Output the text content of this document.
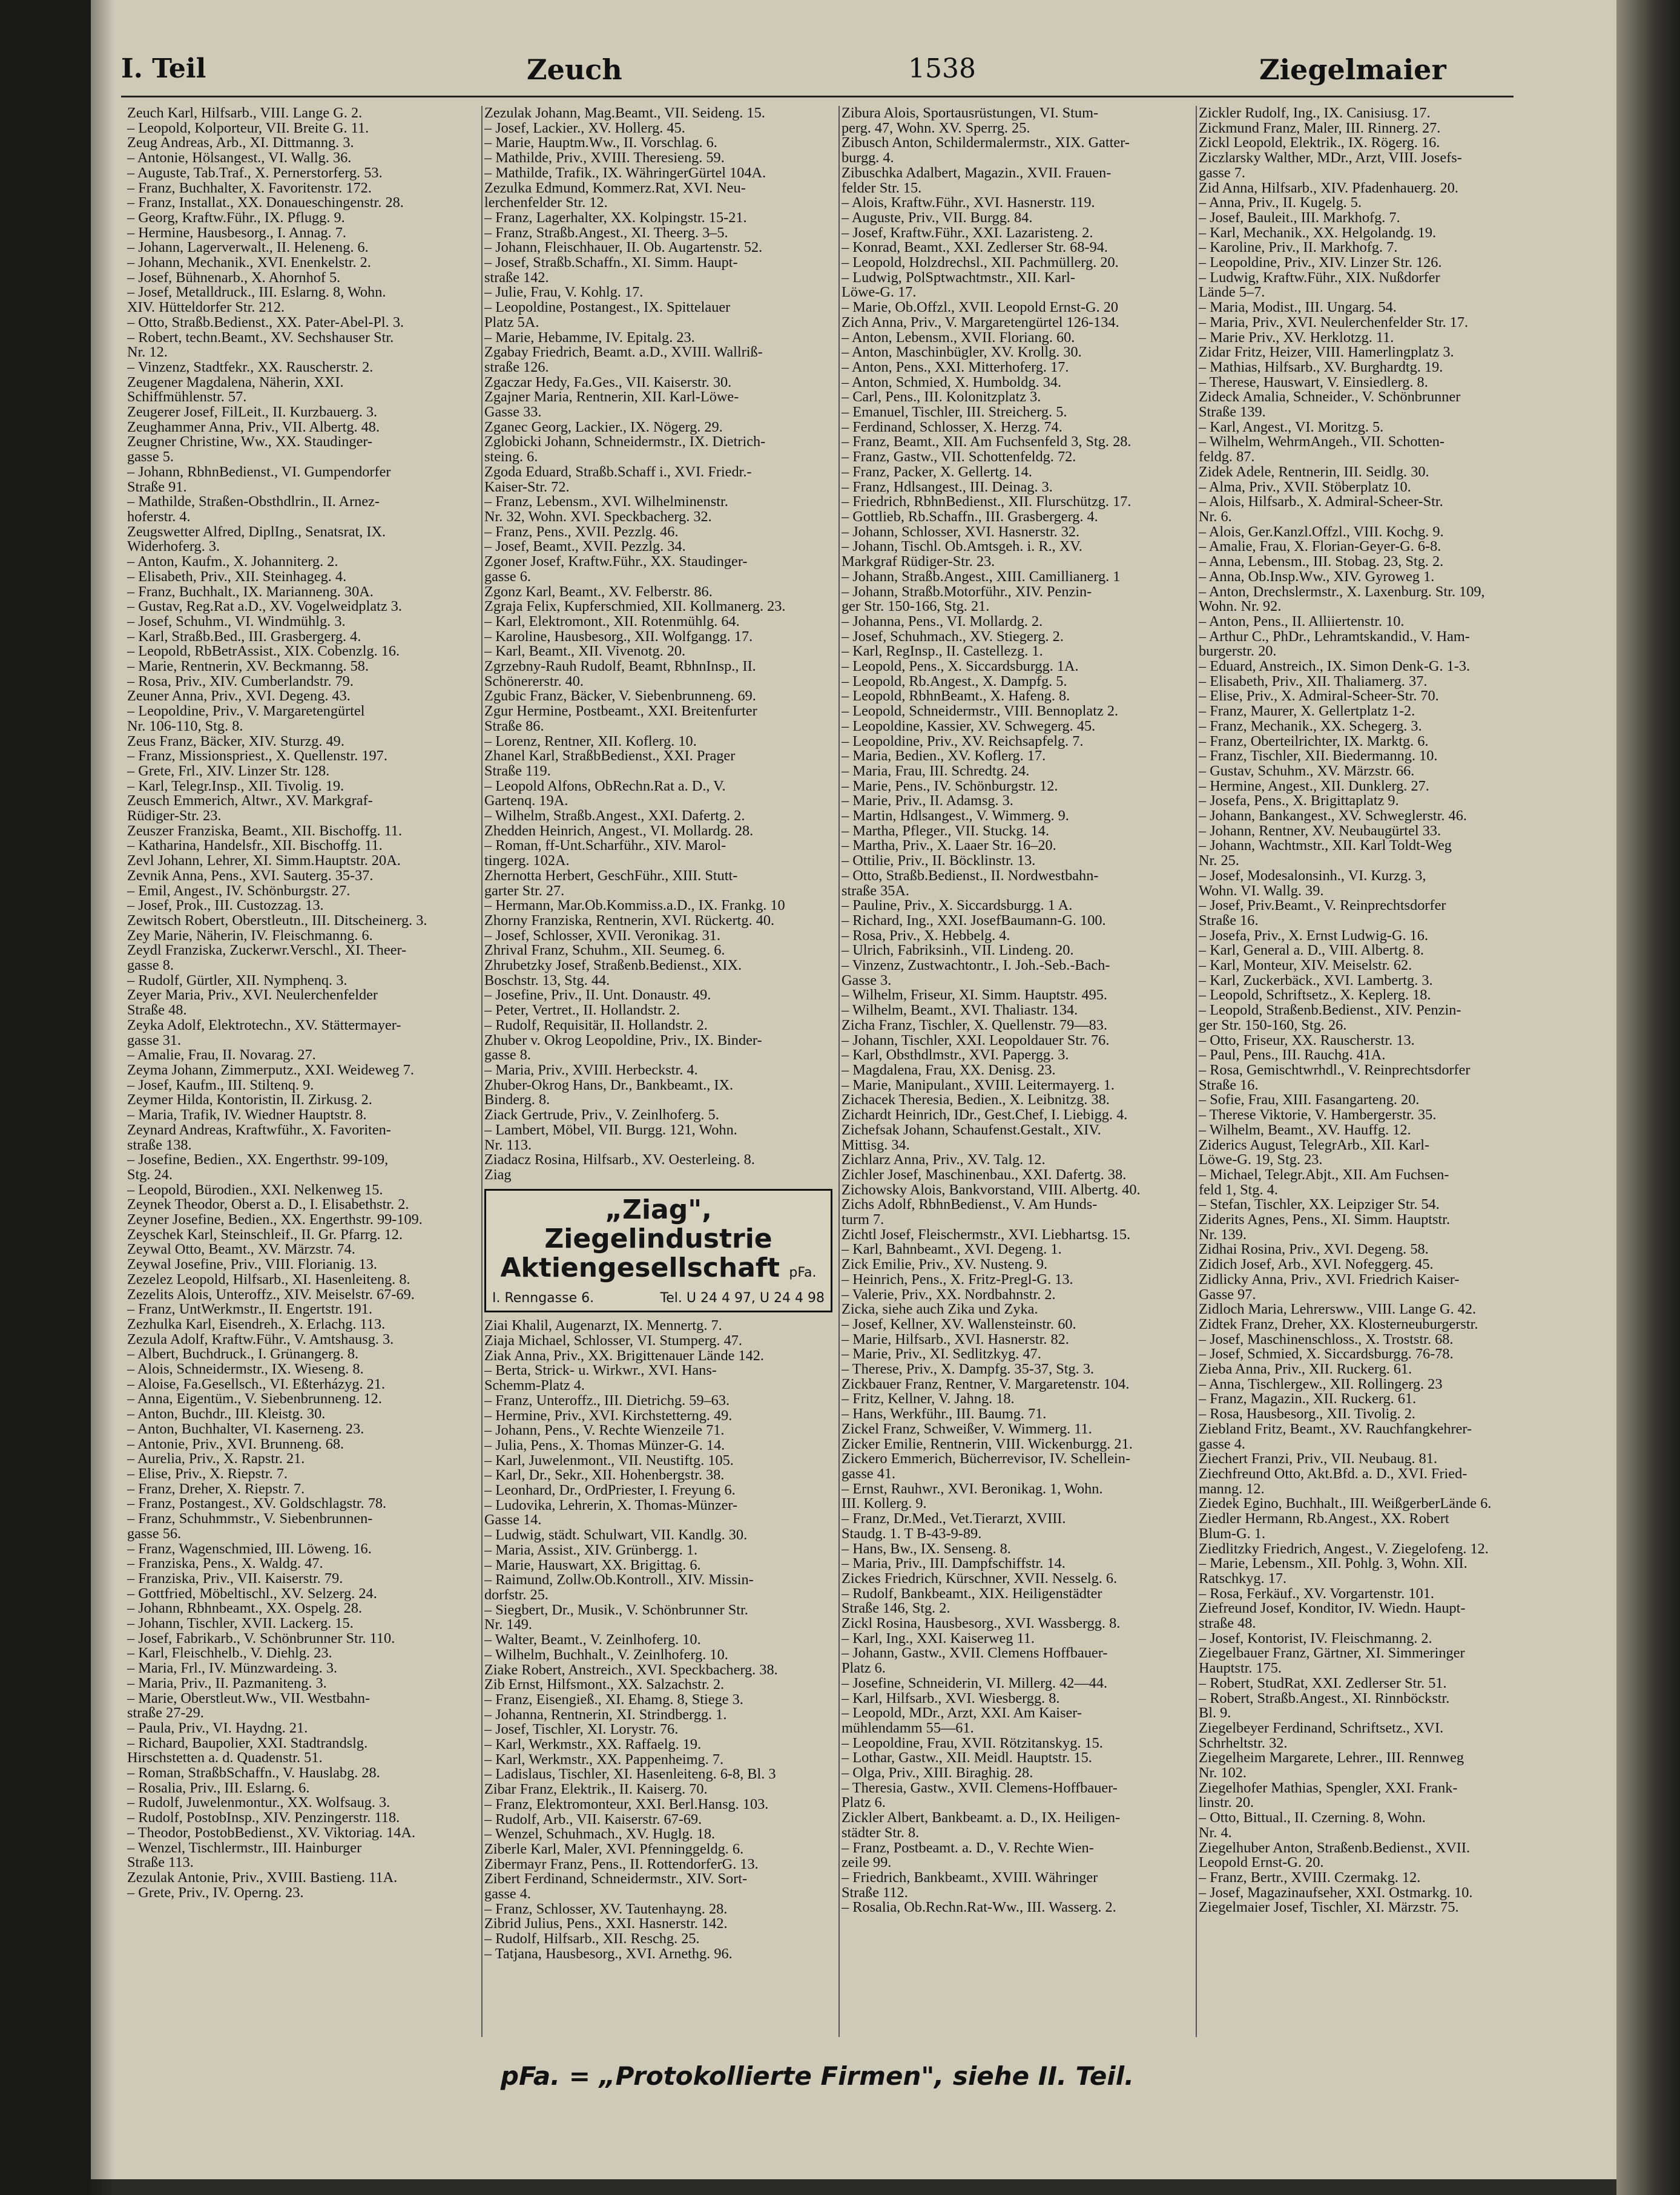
I. Teil	Zeuch	1538	Ziegelmaier
Zeuch Karl, Hilfsarb., VIII. Lange G. 2.
– Leopold, Kolporteur, VII. Breite G. 11.
Zeug Andreas, Arb., XI. Dittmanng. 3.
– Antonie, Hölsangest., VI. Wallg. 36.
– Auguste, Tab.Traf., X. Pernerstorferg. 53.
– Franz, Buchhalter, X. Favoritenstr. 172.
– Franz, Installat., XX. Donaueschingenstr. 28.
– Georg, Kraftw.Führ., IX. Pflugg. 9.
– Hermine, Hausbesorg., I. Annag. 7.
– Johann, Lagerverwalt., II. Heleneng. 6.
– Johann, Mechanik., XVI. Enenkelstr. 2.
– Josef, Bühnenarb., X. Ahornhof 5.
– Josef, Metalldruck., III. Eslarng. 8, Wohn.
XIV. Hütteldorfer Str. 212.
– Otto, Straßb.Bedienst., XX. Pater-Abel-Pl. 3.
– Robert, techn.Beamt., XV. Sechshauser Str.
Nr. 12.
– Vinzenz, Stadtfekr., XX. Rauscherstr. 2.
Zeugener Magdalena, Näherin, XXI.
Schiffmühlenstr. 57.
Zeugerer Josef, FilLeit., II. Kurzbauerg. 3.
Zeughammer Anna, Priv., VII. Albertg. 48.
Zeugner Christine, Ww., XX. Staudinger-
gasse 5.
– Johann, RbhnBedienst., VI. Gumpendorfer
Straße 91.
– Mathilde, Straßen-Obsthdlrin., II. Arnez-
hoferstr. 4.
Zeugswetter Alfred, DiplIng., Senatsrat, IX.
Widerhoferg. 3.
– Anton, Kaufm., X. Johanniterg. 2.
– Elisabeth, Priv., XII. Steinhageg. 4.
– Franz, Buchhalt., IX. Marianneng. 30A.
– Gustav, Reg.Rat a.D., XV. Vogelweidplatz 3.
– Josef, Schuhm., VI. Windmühlg. 3.
– Karl, Straßb.Bed., III. Grasbergerg. 4.
– Leopold, RbBetrAssist., XIX. Cobenzlg. 16.
– Marie, Rentnerin, XV. Beckmanng. 58.
– Rosa, Priv., XIV. Cumberlandstr. 79.
Zeuner Anna, Priv., XVI. Degeng. 43.
– Leopoldine, Priv., V. Margaretengürtel
Nr. 106-110, Stg. 8.
Zeus Franz, Bäcker, XIV. Sturzg. 49.
– Franz, Missionspriest., X. Quellenstr. 197.
– Grete, Frl., XIV. Linzer Str. 128.
– Karl, Telegr.Insp., XII. Tivolig. 19.
Zeusch Emmerich, Altwr., XV. Markgraf-
Rüdiger-Str. 23.
Zeuszer Franziska, Beamt., XII. Bischoffg. 11.
– Katharina, Handelsfr., XII. Bischoffg. 11.
Zevl Johann, Lehrer, XI. Simm.Hauptstr. 20A.
Zevnik Anna, Pens., XVI. Sauterg. 35-37.
– Emil, Angest., IV. Schönburgstr. 27.
– Josef, Prok., III. Custozzag. 13.
Zewitsch Robert, Oberstleutn., III. Ditscheinerg. 3.
Zey Marie, Näherin, IV. Fleischmanng. 6.
Zeydl Franziska, Zuckerwr.Verschl., XI. Theer-
gasse 8.
– Rudolf, Gürtler, XII. Nymphenq. 3.
Zeyer Maria, Priv., XVI. Neulerchenfelder
Straße 48.
Zeyka Adolf, Elektrotechn., XV. Stättermayer-
gasse 31.
– Amalie, Frau, II. Novarag. 27.
Zeyma Johann, Zimmerputz., XXI. Weideweg 7.
– Josef, Kaufm., III. Stiltenq. 9.
Zeymer Hilda, Kontoristin, II. Zirkusg. 2.
– Maria, Trafik, IV. Wiedner Hauptstr. 8.
Zeynard Andreas, Kraftwführ., X. Favoriten-
straße 138.
– Josefine, Bedien., XX. Engerthstr. 99-109,
Stg. 24.
– Leopold, Bürodien., XXI. Nelkenweg 15.
Zeynek Theodor, Oberst a. D., I. Elisabethstr. 2.
Zeyner Josefine, Bedien., XX. Engerthstr. 99-109.
Zeyschek Karl, Steinschleif., II. Gr. Pfarrg. 12.
Zeywal Otto, Beamt., XV. Märzstr. 74.
Zeywal Josefine, Priv., VIII. Florianig. 13.
Zezelez Leopold, Hilfsarb., XI. Hasenleiteng. 8.
Zezelits Alois, Unteroffz., XIV. Meiselstr. 67-69.
– Franz, UntWerkmstr., II. Engertstr. 191.
Zezhulka Karl, Eisendreh., X. Erlachg. 113.
Zezula Adolf, Kraftw.Führ., V. Amtshausg. 3.
– Albert, Buchdruck., I. Grünangerg. 8.
– Alois, Schneidermstr., IX. Wieseng. 8.
– Aloise, Fa.Gesellsch., VI. Eßterházyg. 21.
– Anna, Eigentüm., V. Siebenbrunneng. 12.
– Anton, Buchdr., III. Kleistg. 30.
– Anton, Buchhalter, VI. Kaserneng. 23.
– Antonie, Priv., XVI. Brunneng. 68.
– Aurelia, Priv., X. Rapstr. 21.
– Elise, Priv., X. Riepstr. 7.
– Franz, Dreher, X. Riepstr. 7.
– Franz, Postangest., XV. Goldschlagstr. 78.
– Franz, Schuhmmstr., V. Siebenbrunnen-
gasse 56.
– Franz, Wagenschmied, III. Löweng. 16.
– Franziska, Pens., X. Waldg. 47.
– Franziska, Priv., VII. Kaiserstr. 79.
– Gottfried, Möbeltischl., XV. Selzerg. 24.
– Johann, Rbhnbeamt., XX. Ospelg. 28.
– Johann, Tischler, XVII. Lackerg. 15.
– Josef, Fabrikarb., V. Schönbrunner Str. 110.
– Karl, Fleischhelb., V. Diehlg. 23.
– Maria, Frl., IV. Münzwardeing. 3.
– Maria, Priv., II. Pazmaniteng. 3.
– Marie, Oberstleut.Ww., VII. Westbahn-
straße 27-29.
– Paula, Priv., VI. Haydng. 21.
– Richard, Baupolier, XXI. Stadtrandslg.
Hirschstetten a. d. Quadenstr. 51.
– Roman, StraßbSchaffn., V. Hauslabg. 28.
– Rosalia, Priv., III. Eslarng. 6.
– Rudolf, Juwelenmontur., XX. Wolfsaug. 3.
– Rudolf, PostobInsp., XIV. Penzingerstr. 118.
– Theodor, PostobBedienst., XV. Viktoriag. 14A.
– Wenzel, Tischlermstr., III. Hainburger
Straße 113.
Zezulak Antonie, Priv., XVIII. Bastieng. 11A.
– Grete, Priv., IV. Operng. 23.
Zezulak Johann, Mag.Beamt., VII. Seideng. 15.
– Josef, Lackier., XV. Hollerg. 45.
– Marie, Hauptm.Ww., II. Vorschlag. 6.
– Mathilde, Priv., XVIII. Theresieng. 59.
– Mathilde, Trafik., IX. WähringerGürtel 104A.
Zezulka Edmund, Kommerz.Rat, XVI. Neu-
lerchenfelder Str. 12.
– Franz, Lagerhalter, XX. Kolpingstr. 15-21.
– Franz, Straßb.Angest., XI. Theerg. 3–5.
– Johann, Fleischhauer, II. Ob. Augartenstr. 52.
– Josef, Straßb.Schaffn., XI. Simm. Haupt-
straße 142.
– Julie, Frau, V. Kohlg. 17.
– Leopoldine, Postangest., IX. Spittelauer
Platz 5A.
– Marie, Hebamme, IV. Epitalg. 23.
Zgabay Friedrich, Beamt. a.D., XVIII. Wallriß-
straße 126.
Zgaczar Hedy, Fa.Ges., VII. Kaiserstr. 30.
Zgajner Maria, Rentnerin, XII. Karl-Löwe-
Gasse 33.
Zganec Georg, Lackier., IX. Nögerg. 29.
Zglobicki Johann, Schneidermstr., IX. Dietrich-
steing. 6.
Zgoda Eduard, Straßb.Schaff i., XVI. Friedr.-
Kaiser-Str. 72.
– Franz, Lebensm., XVI. Wilhelminenstr.
Nr. 32, Wohn. XVI. Speckbacherg. 32.
– Franz, Pens., XVII. Pezzlg. 46.
– Josef, Beamt., XVII. Pezzlg. 34.
Zgoner Josef, Kraftw.Führ., XX. Staudinger-
gasse 6.
Zgonz Karl, Beamt., XV. Felberstr. 86.
Zgraja Felix, Kupferschmied, XII. Kollmanerg. 23.
– Karl, Elektromont., XII. Rotenmühlg. 64.
– Karoline, Hausbesorg., XII. Wolfgangg. 17.
– Karl, Beamt., XII. Vivenotg. 20.
Zgrzebny-Rauh Rudolf, Beamt, RbhnInsp., II.
Schönererstr. 40.
Zgubic Franz, Bäcker, V. Siebenbrunneng. 69.
Zgur Hermine, Postbeamt., XXI. Breitenfurter
Straße 86.
– Lorenz, Rentner, XII. Koflerg. 10.
Zhanel Karl, StraßbBedienst., XXI. Prager
Straße 119.
– Leopold Alfons, ObRechn.Rat a. D., V.
Gartenq. 19A.
– Wilhelm, Straßb.Angest., XXI. Dafertg. 2.
Zhedden Heinrich, Angest., VI. Mollardg. 28.
– Roman, ff-Unt.Scharführ., XIV. Marol-
tingerg. 102A.
Zhernotta Herbert, GeschFühr., XIII. Stutt-
garter Str. 27.
– Hermann, Mar.Ob.Kommiss.a.D., IX. Frankg. 10
Zhorny Franziska, Rentnerin, XVI. Rückertg. 40.
– Josef, Schlosser, XVII. Veronikag. 31.
Zhrival Franz, Schuhm., XII. Seumeg. 6.
Zhrubetzky Josef, Straßenb.Bedienst., XIX.
Boschstr. 13, Stg. 44.
– Josefine, Priv., II. Unt. Donaustr. 49.
– Peter, Vertret., II. Hollandstr. 2.
– Rudolf, Requisitär, II. Hollandstr. 2.
Zhuber v. Okrog Leopoldine, Priv., IX. Binder-
gasse 8.
– Maria, Priv., XVIII. Herbeckstr. 4.
Zhuber-Okrog Hans, Dr., Bankbeamt., IX.
Binderg. 8.
Ziack Gertrude, Priv., V. Zeinlhoferg. 5.
– Lambert, Möbel, VII. Burgg. 121, Wohn.
Nr. 113.
Ziadacz Rosina, Hilfsarb., XV. Oesterleing. 8.
Ziag
„Ziag", Ziegelindustrie
Aktiengesellschaft pFa.
I. Renngasse 6.	Tel. U 24 4 97, U 24 4 98
Ziai Khalil, Augenarzt, IX. Mennertg. 7.
Ziaja Michael, Schlosser, VI. Stumperg. 47.
Ziak Anna, Priv., XX. Brigittenauer Lände 142.
– Berta, Strick- u. Wirkwr., XVI. Hans-
Schemm-Platz 4.
– Franz, Unteroffz., III. Dietrichg. 59–63.
– Hermine, Priv., XVI. Kirchstetterng. 49.
– Johann, Pens., V. Rechte Wienzeile 71.
– Julia, Pens., X. Thomas Münzer-G. 14.
– Karl, Juwelenmont., VII. Neustiftg. 105.
– Karl, Dr., Sekr., XII. Hohenbergstr. 38.
– Leonhard, Dr., OrdPriester, I. Freyung 6.
– Ludovika, Lehrerin, X. Thomas-Münzer-
Gasse 14.
– Ludwig, städt. Schulwart, VII. Kandlg. 30.
– Maria, Assist., XIV. Grünbergg. 1.
– Marie, Hauswart, XX. Brigittag. 6.
– Raimund, Zollw.Ob.Kontroll., XIV. Missin-
dorfstr. 25.
– Siegbert, Dr., Musik., V. Schönbrunner Str.
Nr. 149.
– Walter, Beamt., V. Zeinlhoferg. 10.
– Wilhelm, Buchhalt., V. Zeinlhoferg. 10.
Ziake Robert, Anstreich., XVI. Speckbacherg. 38.
Zib Ernst, Hilfsmont., XX. Salzachstr. 2.
– Franz, Eisengieß., XI. Ehamg. 8, Stiege 3.
– Johanna, Rentnerin, XI. Strindbergg. 1.
– Josef, Tischler, XI. Lorystr. 76.
– Karl, Werkmstr., XX. Raffaelg. 19.
– Karl, Werkmstr., XX. Pappenheimg. 7.
– Ladislaus, Tischler, XI. Hasenleiteng. 6-8, Bl. 3
Zibar Franz, Elektrik., II. Kaiserg. 70.
– Franz, Elektromonteur, XXI. Berl.Hansg. 103.
– Rudolf, Arb., VII. Kaiserstr. 67-69.
– Wenzel, Schuhmach., XV. Huglg. 18.
Ziberle Karl, Maler, XVI. Pfenninggeldg. 6.
Zibermayr Franz, Pens., II. RottendorferG. 13.
Zibert Ferdinand, Schneidermstr., XIV. Sort-
gasse 4.
– Franz, Schlosser, XV. Tautenhayng. 28.
Zibrid Julius, Pens., XXI. Hasnerstr. 142.
– Rudolf, Hilfsarb., XII. Reschg. 25.
– Tatjana, Hausbesorg., XVI. Arnethg. 96.
Zibura Alois, Sportausrüstungen, VI. Stum-
perg. 47, Wohn. XV. Sperrg. 25.
Zibusch Anton, Schildermalermstr., XIX. Gatter-
burgg. 4.
Zibuschka Adalbert, Magazin., XVII. Frauen-
felder Str. 15.
– Alois, Kraftw.Führ., XVI. Hasnerstr. 119.
– Auguste, Priv., VII. Burgg. 84.
– Josef, Kraftw.Führ., XXI. Lazaristeng. 2.
– Konrad, Beamt., XXI. Zedlerser Str. 68-94.
– Leopold, Holzdrechsl., XII. Pachmüllerg. 20.
– Ludwig, PolSptwachtmstr., XII. Karl-
Löwe-G. 17.
– Marie, Ob.Offzl., XVII. Leopold Ernst-G. 20
Zich Anna, Priv., V. Margaretengürtel 126-134.
– Anton, Lebensm., XVII. Floriang. 60.
– Anton, Maschinbügler, XV. Krollg. 30.
– Anton, Pens., XXI. Mitterhoferg. 17.
– Anton, Schmied, X. Humboldg. 34.
– Carl, Pens., III. Kolonitzplatz 3.
– Emanuel, Tischler, III. Streicherg. 5.
– Ferdinand, Schlosser, X. Herzg. 74.
– Franz, Beamt., XII. Am Fuchsenfeld 3, Stg. 28.
– Franz, Gastw., VII. Schottenfeldg. 72.
– Franz, Packer, X. Gellertg. 14.
– Franz, Hdlsangest., III. Deinag. 3.
– Friedrich, RbhnBedienst., XII. Flurschützg. 17.
– Gottlieb, Rb.Schaffn., III. Grasbergerg. 4.
– Johann, Schlosser, XVI. Hasnerstr. 32.
– Johann, Tischl. Ob.Amtsgeh. i. R., XV.
Markgraf Rüdiger-Str. 23.
– Johann, Straßb.Angest., XIII. Camillianerg. 1
– Johann, Straßb.Motorführ., XIV. Penzin-
ger Str. 150-166, Stg. 21.
– Johanna, Pens., VI. Mollardg. 2.
– Josef, Schuhmach., XV. Stiegerg. 2.
– Karl, RegInsp., II. Castellezg. 1.
– Leopold, Pens., X. Siccardsburgg. 1A.
– Leopold, Rb.Angest., X. Dampfg. 5.
– Leopold, RbhnBeamt., X. Hafeng. 8.
– Leopold, Schneidermstr., VIII. Bennoplatz 2.
– Leopoldine, Kassier, XV. Schwegerg. 45.
– Leopoldine, Priv., XV. Reichsapfelg. 7.
– Maria, Bedien., XV. Koflerg. 17.
– Maria, Frau, III. Schredtg. 24.
– Marie, Pens., IV. Schönburgstr. 12.
– Marie, Priv., II. Adamsg. 3.
– Martin, Hdlsangest., V. Wimmerg. 9.
– Martha, Pfleger., VII. Stuckg. 14.
– Martha, Priv., X. Laaer Str. 16–20.
– Ottilie, Priv., II. Böcklinstr. 13.
– Otto, Straßb.Bedienst., II. Nordwestbahn-
straße 35A.
– Pauline, Priv., X. Siccardsburgg. 1 A.
– Richard, Ing., XXI. JosefBaumann-G. 100.
– Rosa, Priv., X. Hebbelg. 4.
– Ulrich, Fabriksinh., VII. Lindeng. 20.
– Vinzenz, Zustwachtontr., I. Joh.-Seb.-Bach-
Gasse 3.
– Wilhelm, Friseur, XI. Simm. Hauptstr. 495.
– Wilhelm, Beamt., XVI. Thaliastr. 134.
Zicha Franz, Tischler, X. Quellenstr. 79—83.
– Johann, Tischler, XXI. Leopoldauer Str. 76.
– Karl, Obsthdlmstr., XVI. Papergg. 3.
– Magdalena, Frau, XX. Denisg. 23.
– Marie, Manipulant., XVIII. Leitermayerg. 1.
Zichacek Theresia, Bedien., X. Leibnitzg. 38.
Zichardt Heinrich, IDr., Gest.Chef, I. Liebigg. 4.
Zichefsak Johann, Schaufenst.Gestalt., XIV.
Mittisg. 34.
Zichlarz Anna, Priv., XV. Talg. 12.
Zichler Josef, Maschinenbau., XXI. Dafertg. 38.
Zichowsky Alois, Bankvorstand, VIII. Albertg. 40.
Zichs Adolf, RbhnBedienst., V. Am Hunds-
turm 7.
Zichtl Josef, Fleischermstr., XVI. Liebhartsg. 15.
– Karl, Bahnbeamt., XVI. Degeng. 1.
Zick Emilie, Priv., XV. Nusteng. 9.
– Heinrich, Pens., X. Fritz-Pregl-G. 13.
– Valerie, Priv., XX. Nordbahnstr. 2.
Zicka, siehe auch Zika und Zyka.
– Josef, Kellner, XV. Wallensteinstr. 60.
– Marie, Hilfsarb., XVI. Hasnerstr. 82.
– Marie, Priv., XI. Sedlitzkyg. 47.
– Therese, Priv., X. Dampfg. 35-37, Stg. 3.
Zickbauer Franz, Rentner, V. Margaretenstr. 104.
– Fritz, Kellner, V. Jahng. 18.
– Hans, Werkführ., III. Baumg. 71.
Zickel Franz, Schweißer, V. Wimmerg. 11.
Zicker Emilie, Rentnerin, VIII. Wickenburgg. 21.
Zickero Emmerich, Bücherrevisor, IV. Schellein-
gasse 41.
– Ernst, Rauhwr., XVI. Beronikag. 1, Wohn.
III. Kollerg. 9.
– Franz, Dr.Med., Vet.Tierarzt, XVIII.
Staudg. 1. T B-43-9-89.
– Hans, Bw., IX. Senseng. 8.
– Maria, Priv., III. Dampfschiffstr. 14.
Zickes Friedrich, Kürschner, XVII. Nesselg. 6.
– Rudolf, Bankbeamt., XIX. Heiligenstädter
Straße 146, Stg. 2.
Zickl Rosina, Hausbesorg., XVI. Wassbergg. 8.
– Karl, Ing., XXI. Kaiserweg 11.
– Johann, Gastw., XVII. Clemens Hoffbauer-
Platz 6.
– Josefine, Schneiderin, VI. Millerg. 42—44.
– Karl, Hilfsarb., XVI. Wiesbergg. 8.
– Leopold, MDr., Arzt, XXI. Am Kaiser-
mühlendamm 55—61.
– Leopoldine, Frau, XVII. Rötzitanskyg. 15.
– Lothar, Gastw., XII. Meidl. Hauptstr. 15.
– Olga, Priv., XIII. Biraghig. 28.
– Theresia, Gastw., XVII. Clemens-Hoffbauer-
Platz 6.
Zickler Albert, Bankbeamt. a. D., IX. Heiligen-
städter Str. 8.
– Franz, Postbeamt. a. D., V. Rechte Wien-
zeile 99.
– Friedrich, Bankbeamt., XVIII. Währinger
Straße 112.
– Rosalia, Ob.Rechn.Rat-Ww., III. Wasserg. 2.
Zickler Rudolf, Ing., IX. Canisiusg. 17.
Zickmund Franz, Maler, III. Rinnerg. 27.
Zickl Leopold, Elektrik., IX. Rögerg. 16.
Ziczlarsky Walther, MDr., Arzt, VIII. Josefs-
gasse 7.
Zid Anna, Hilfsarb., XIV. Pfadenhauerg. 20.
– Anna, Priv., II. Kugelg. 5.
– Josef, Bauleit., III. Markhofg. 7.
– Karl, Mechanik., XX. Helgolandg. 19.
– Karoline, Priv., II. Markhofg. 7.
– Leopoldine, Priv., XIV. Linzer Str. 126.
– Ludwig, Kraftw.Führ., XIX. Nußdorfer
Lände 5–7.
– Maria, Modist., III. Ungarg. 54.
– Maria, Priv., XVI. Neulerchenfelder Str. 17.
– Marie Priv., XV. Herklotzg. 11.
Zidar Fritz, Heizer, VIII. Hamerlingplatz 3.
– Mathias, Hilfsarb., XV. Burghardtg. 19.
– Therese, Hauswart, V. Einsiedlerg. 8.
Zideck Amalia, Schneider., V. Schönbrunner
Straße 139.
– Karl, Angest., VI. Moritzg. 5.
– Wilhelm, WehrmAngeh., VII. Schotten-
feldg. 87.
Zidek Adele, Rentnerin, III. Seidlg. 30.
– Alma, Priv., XVII. Stöberplatz 10.
– Alois, Hilfsarb., X. Admiral-Scheer-Str.
Nr. 6.
– Alois, Ger.Kanzl.Offzl., VIII. Kochg. 9.
– Amalie, Frau, X. Florian-Geyer-G. 6-8.
– Anna, Lebensm., III. Stobag. 23, Stg. 2.
– Anna, Ob.Insp.Ww., XIV. Gyroweg 1.
– Anton, Drechslermstr., X. Laxenburg. Str. 109,
Wohn. Nr. 92.
– Anton, Pens., II. Alliiertenstr. 10.
– Arthur C., PhDr., Lehramtskandid., V. Ham-
burgerstr. 20.
– Eduard, Anstreich., IX. Simon Denk-G. 1-3.
– Elisabeth, Priv., XII. Thaliamerg. 37.
– Elise, Priv., X. Admiral-Scheer-Str. 70.
– Franz, Maurer, X. Gellertplatz 1-2.
– Franz, Mechanik., XX. Schegerg. 3.
– Franz, Oberteilrichter, IX. Marktg. 6.
– Franz, Tischler, XII. Biedermanng. 10.
– Gustav, Schuhm., XV. Märzstr. 66.
– Hermine, Angest., XII. Dunklerg. 27.
– Josefa, Pens., X. Brigittaplatz 9.
– Johann, Bankangest., XV. Schweglerstr. 46.
– Johann, Rentner, XV. Neubaugürtel 33.
– Johann, Wachtmstr., XII. Karl Toldt-Weg
Nr. 25.
– Josef, Modesalonsinh., VI. Kurzg. 3,
Wohn. VI. Wallg. 39.
– Josef, Priv.Beamt., V. Reinprechtsdorfer
Straße 16.
– Josefa, Priv., X. Ernst Ludwig-G. 16.
– Karl, General a. D., VIII. Albertg. 8.
– Karl, Monteur, XIV. Meiselstr. 62.
– Karl, Zuckerbäck., XVI. Lambertg. 3.
– Leopold, Schriftsetz., X. Keplerg. 18.
– Leopold, Straßenb.Bedienst., XIV. Penzin-
ger Str. 150-160, Stg. 26.
– Otto, Friseur, XX. Rauscherstr. 13.
– Paul, Pens., III. Rauchg. 41A.
– Rosa, Gemischtwrhdl., V. Reinprechtsdorfer
Straße 16.
– Sofie, Frau, XIII. Fasangarteng. 20.
– Therese Viktorie, V. Hambergerstr. 35.
– Wilhelm, Beamt., XV. Hauffg. 12.
Ziderics August, TelegrArb., XII. Karl-
Löwe-G. 19, Stg. 23.
– Michael, Telegr.Abjt., XII. Am Fuchsen-
feld 1, Stg. 4.
– Stefan, Tischler, XX. Leipziger Str. 54.
Ziderits Agnes, Pens., XI. Simm. Hauptstr.
Nr. 139.
Zidhai Rosina, Priv., XVI. Degeng. 58.
Zidich Josef, Arb., XVI. Nofeggerg. 45.
Zidlicky Anna, Priv., XVI. Friedrich Kaiser-
Gasse 97.
Zidloch Maria, Lehrersww., VIII. Lange G. 42.
Zidtek Franz, Dreher, XX. Klosterneuburgerstr.
– Josef, Maschinenschloss., X. Troststr. 68.
– Josef, Schmied, X. Siccardsburgg. 76-78.
Zieba Anna, Priv., XII. Ruckerg. 61.
– Anna, Tischlergew., XII. Rollingerg. 23
– Franz, Magazin., XII. Ruckerg. 61.
– Rosa, Hausbesorg., XII. Tivolig. 2.
Ziebland Fritz, Beamt., XV. Rauchfangkehrer-
gasse 4.
Ziechert Franzi, Priv., VII. Neubaug. 81.
Ziechfreund Otto, Akt.Bfd. a. D., XVI. Fried-
manng. 12.
Ziedek Egino, Buchhalt., III. WeißgerberLände 6.
Ziedler Hermann, Rb.Angest., XX. Robert
Blum-G. 1.
Ziedlitzky Friedrich, Angest., V. Ziegelofeng. 12.
– Marie, Lebensm., XII. Pohlg. 3, Wohn. XII.
Ratschkyg. 17.
– Rosa, Ferkäuf., XV. Vorgartenstr. 101.
Ziefreund Josef, Konditor, IV. Wiedn. Haupt-
straße 48.
– Josef, Kontorist, IV. Fleischmanng. 2.
Ziegelbauer Franz, Gärtner, XI. Simmeringer
Hauptstr. 175.
– Robert, StudRat, XXI. Zedlerser Str. 51.
– Robert, Straßb.Angest., XI. Rinnböckstr.
Bl. 9.
Ziegelbeyer Ferdinand, Schriftsetz., XVI.
Schrheltstr. 32.
Ziegelheim Margarete, Lehrer., III. Rennweg
Nr. 102.
Ziegelhofer Mathias, Spengler, XXI. Frank-
linstr. 20.
– Otto, Bittual., II. Czerning. 8, Wohn.
Nr. 4.
Ziegelhuber Anton, Straßenb.Bedienst., XVII.
Leopold Ernst-G. 20.
– Franz, Bertr., XVIII. Czermakg. 12.
– Josef, Magazinaufseher, XXI. Ostmarkg. 10.
Ziegelmaier Josef, Tischler, XI. Märzstr. 75.
pFa. = „Protokollierte Firmen", siehe II. Teil.
